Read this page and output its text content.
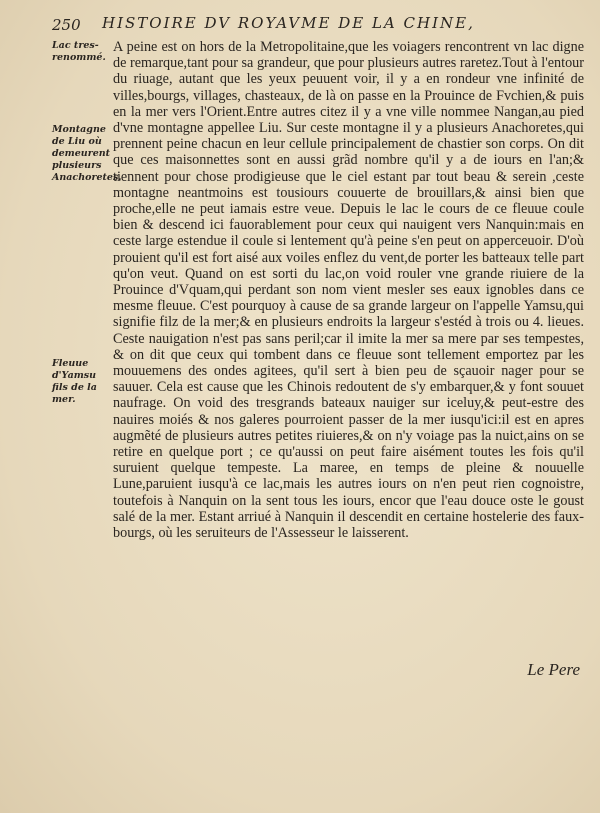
250 HISTOIRE DV ROYAVME DE LA CHINE,
Lac tres-renommé.
Montagne de Liu où demeurent plusieurs Anachoretes.
Fleuue d'Yamsu fils de la mer.

A peine est on hors de la Metropolitaine,que les voiagers rencontrent vn lac digne de remarque,tant pour sa grandeur, que pour plusieurs autres raretez.Tout à l'entour du riuage, autant que les yeux peuuent voir, il y a en rondeur vne infinité de villes,bourgs, villages, chasteaux, de là on passe en la Prouince de Fvchien,& puis en la mer vers l'Orient.Entre autres citez il y a vne ville nommee Nangan,au pied d'vne montagne appellee Liu. Sur ceste montagne il y a plusieurs Anachoretes,qui prennent peine chacun en leur cellule principalement de chastier son corps. On dit que ces maisonnettes sont en aussi grãd nombre qu'il y a de iours en l'an;& tiennent pour chose prodigieuse que le ciel estant par tout beau & serein ,ceste montagne neantmoins est tousiours couuerte de brouillars,& ainsi bien que proche,elle ne peut iamais estre veue. Depuis le lac le cours de ce fleuue coule bien & descend ici fauorablement pour ceux qui nauigent vers Nanquin:mais en ceste large estendue il coule si lentement qu'à peine s'en peut on apperceuoir. D'où prouient qu'il est fort aisé aux voiles enflez du vent,de porter les batteaux telle part qu'on veut. Quand on est sorti du lac,on void rouler vne grande riuiere de la Prouince d'Vquam,qui perdant son nom vient mesler ses eaux ignobles dans ce mesme fleuue. C'est pourquoy à cause de sa grande largeur on l'appelle Yamsu,qui signifie filz de la mer;& en plusieurs endroits la largeur s'estéd à trois ou 4. lieues. Ceste nauigation n'est pas sans peril;car il imite la mer sa mere par ses tempestes, & on dit que ceux qui tombent dans ce fleuue sont tellement emportez par les mouuemens des ondes agitees, qu'il sert à bien peu de sçauoir nager pour se sauuer. Cela est cause que les Chinois redoutent de s'y embarquer,& y font souuet naufrage. On void des tresgrands bateaux nauiger sur iceluy,& peut-estre des nauires moiés & nos galeres pourroient passer de la mer iusqu'ici:il est en apres augmẽté de plusieurs autres petites riuieres,& on n'y voiage pas la nuict,ains on se retire en quelque port ; ce qu'aussi on peut faire aisément toutes les fois qu'il suruient quelque tempeste. La maree, en temps de pleine & nouuelle Lune,paruient iusqu'à ce lac,mais les autres iours on n'en peut rien cognoistre, toutefois à Nanquin on la sent tous les iours, encor que l'eau douce oste le goust salé de la mer. Estant arriué à Nanquin il descendit en certaine hostelerie des faux-bourgs, où les seruiteurs de l'Assesseur le laisserent.

Le Pere
